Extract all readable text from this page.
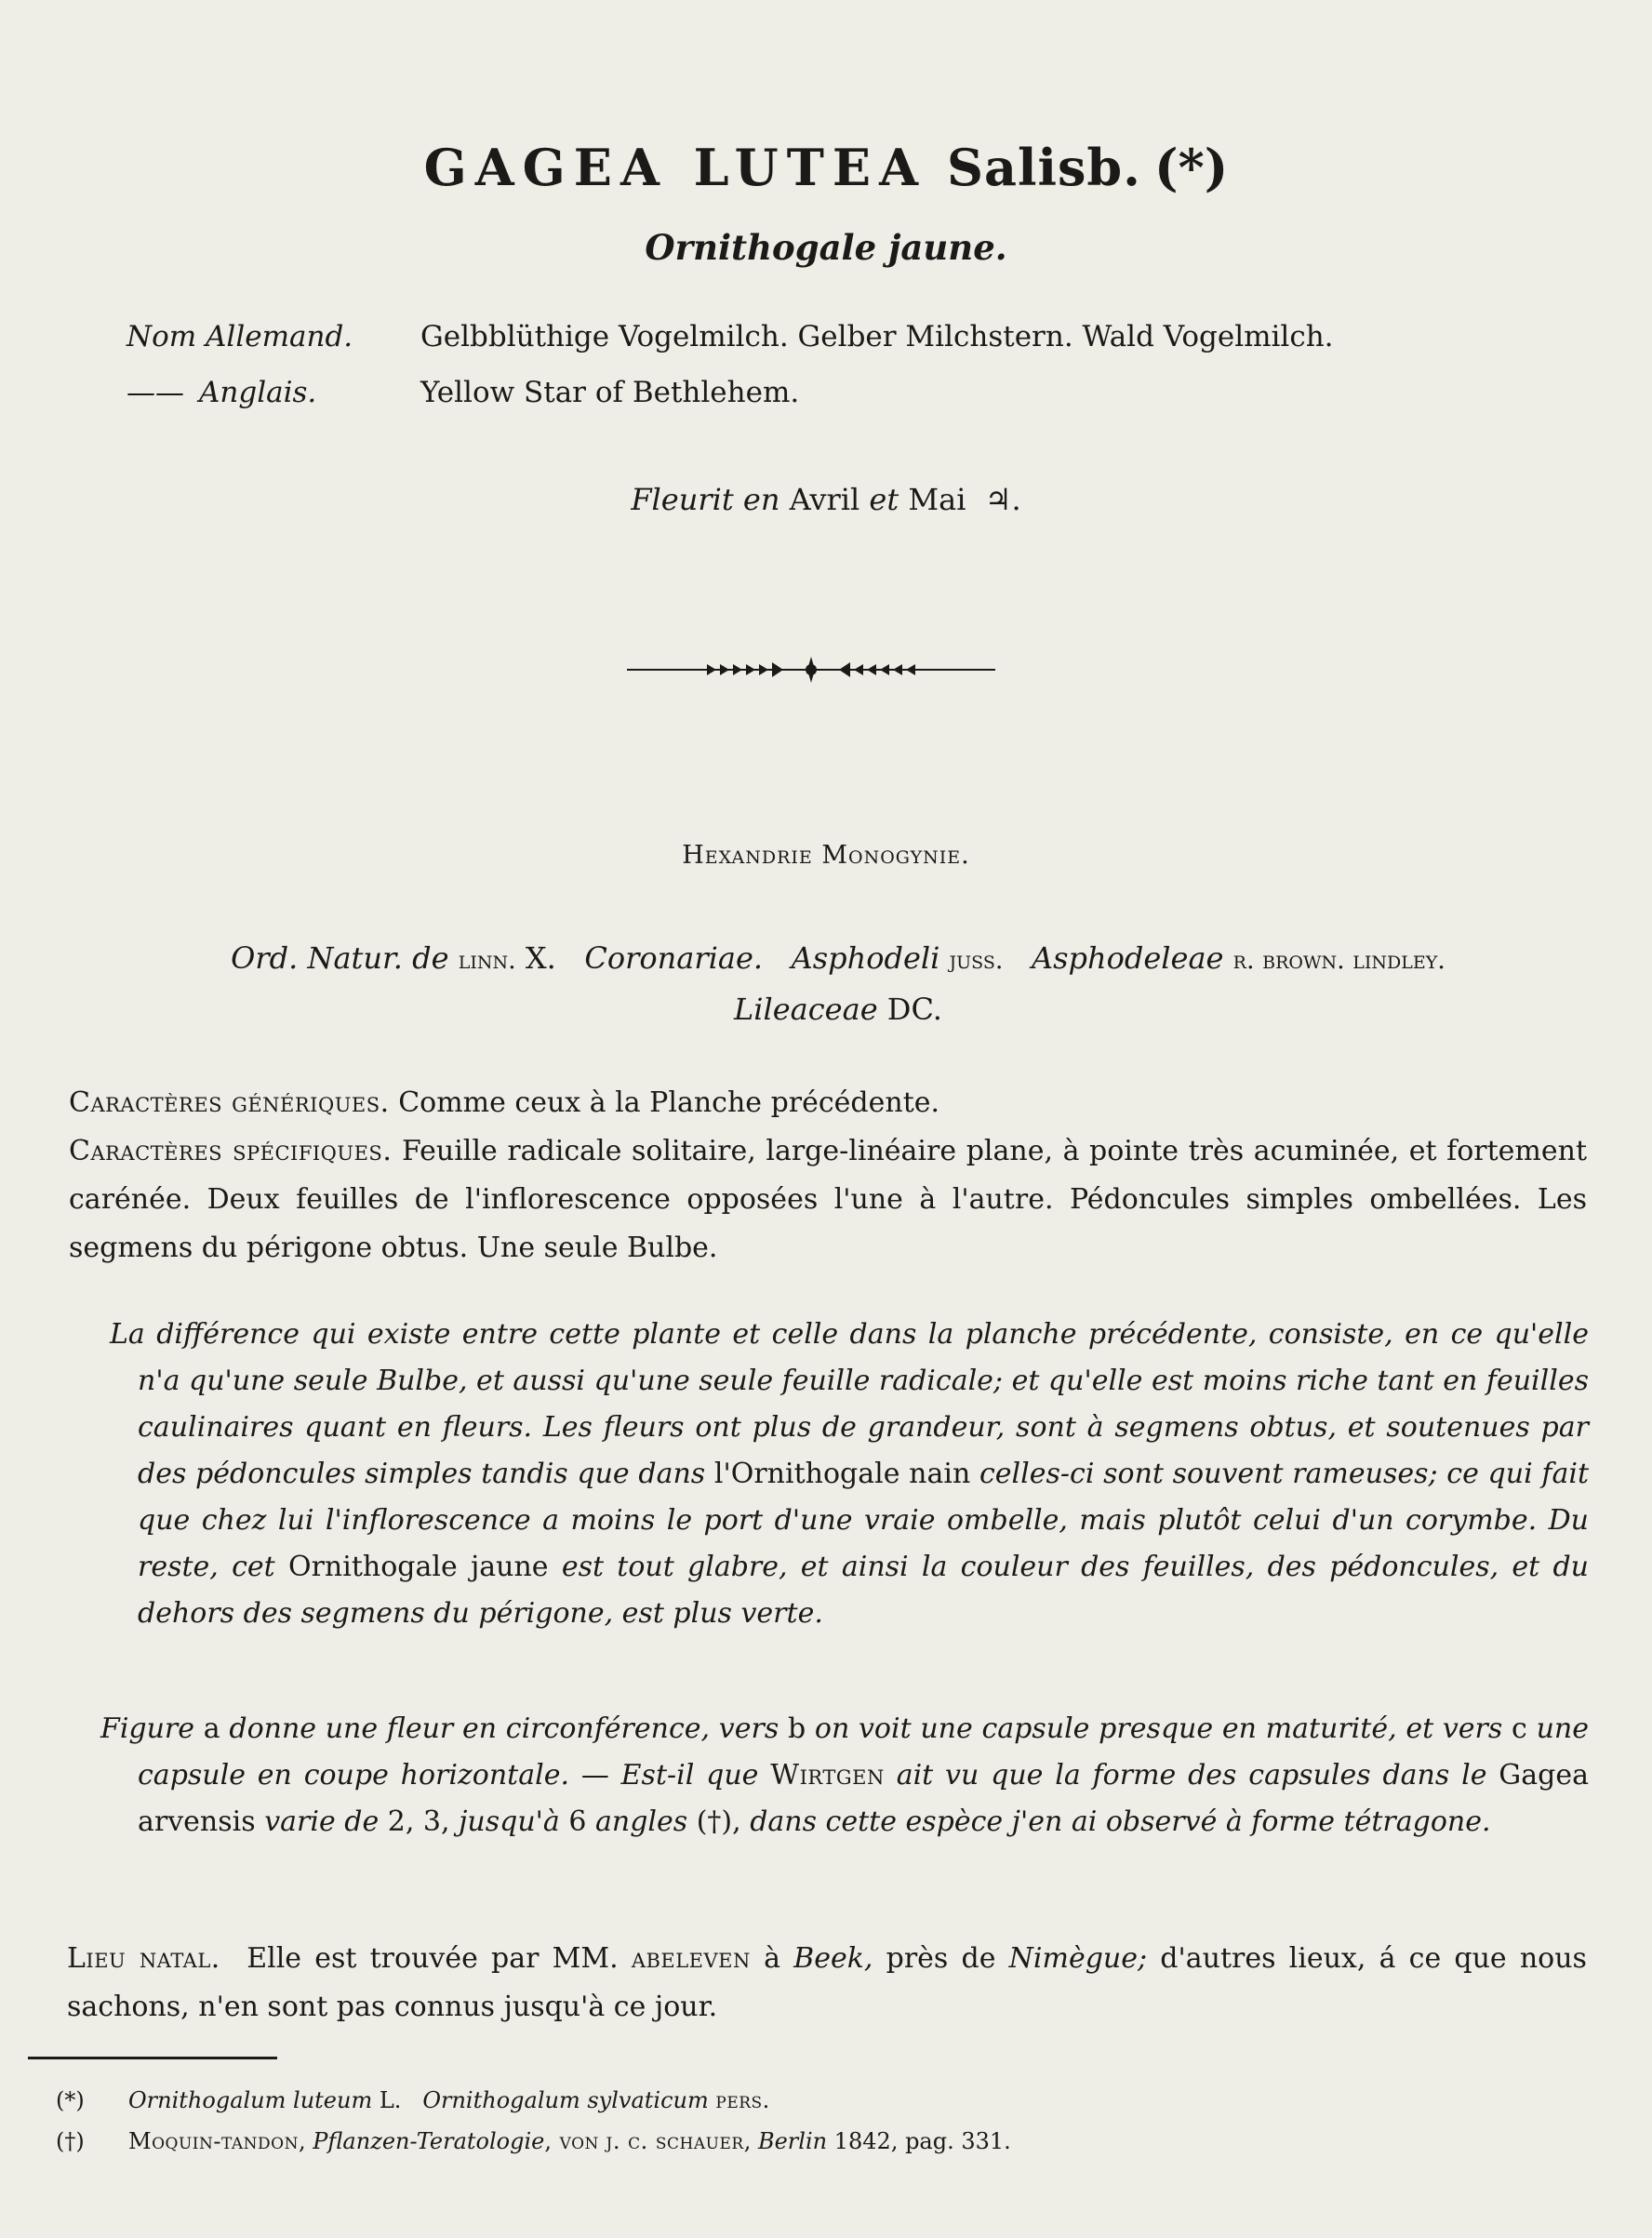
GAGEA LUTEA Salisb. (*)
Ornithogale jaune.
Nom Allemand. Gelbblüthige Vogelmilch. Gelber Milchstern. Wald Vogelmilch.
—— Anglais.	Yellow Star of Bethlehem.
Fleurit en Avril et Mai ♃.
Hexandrie Monogynie.
Ord. Natur. de linn. X. Coronariae. Asphodeli juss. Asphodeleae r. brown. lindley.
Lileaceae DC.
Caractères génériques. Comme ceux à la Planche précédente.
Caractères spécifiques. Feuille radicale solitaire, large-linéaire plane, à pointe très acuminée, et fortement carénée. Deux feuilles de l'inflorescence opposées l'une à l'autre. Pédoncules simples ombellées. Les segmens du périgone obtus. Une seule Bulbe.
La différence qui existe entre cette plante et celle dans la planche précédente, consiste, en ce qu'elle n'a qu'une seule Bulbe, et aussi qu'une seule feuille radicale; et qu'elle est moins riche tant en feuilles caulinaires quant en fleurs. Les fleurs ont plus de grandeur, sont à segmens obtus, et soutenues par des pédoncules simples tandis que dans l'Ornithogale nain celles-ci sont souvent rameuses; ce qui fait que chez lui l'inflorescence a moins le port d'une vraie ombelle, mais plutôt celui d'un corymbe. Du reste, cet Ornithogale jaune est tout glabre, et ainsi la couleur des feuilles, des pédoncules, et du dehors des segmens du périgone, est plus verte.
Figure a donne une fleur en circonférence, vers b on voit une capsule presque en maturité, et vers c une capsule en coupe horizontale. — Est-il que Wirtgen ait vu que la forme des capsules dans le Gagea arvensis varie de 2, 3, jusqu'à 6 angles (†), dans cette espèce j'en ai observé à forme tétragone.
Lieu natal. Elle est trouvée par MM. abeleven à Beek, près de Nimègue; d'autres lieux, á ce que nous sachons, n'en sont pas connus jusqu'à ce jour.
(*) Ornithogalum luteum L. Ornithogalum sylvaticum pers.
(†) Moquin-tandon, Pflanzen-Teratologie, von j. c. schauer, Berlin 1842, pag. 331.
